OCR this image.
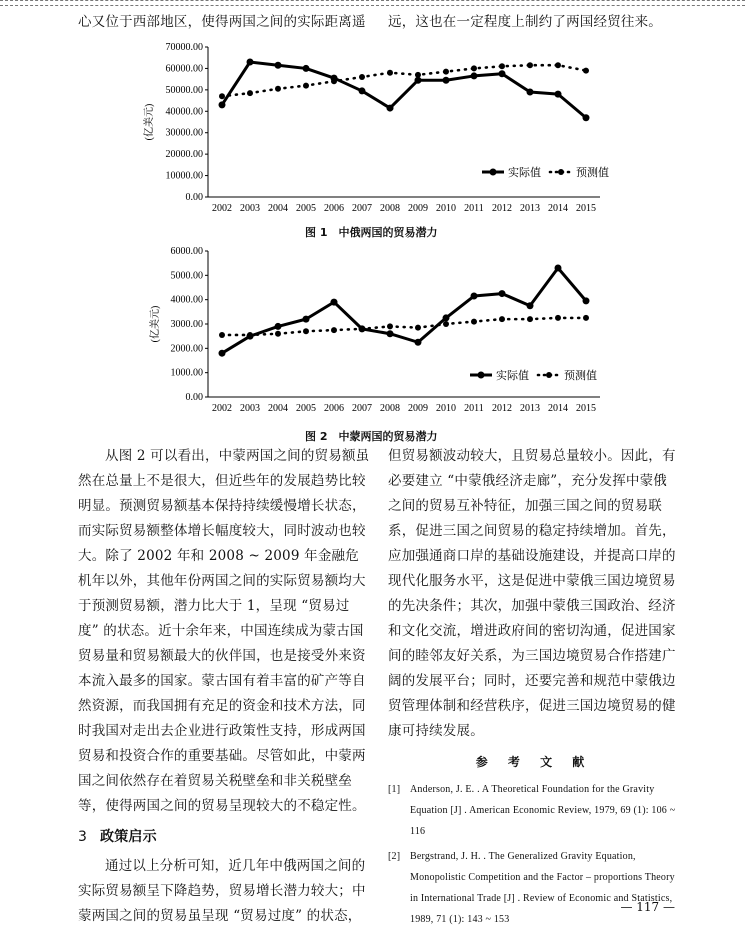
心又位于西部地区，使得两国之间的实际距离遥	远，这也在一定程度上制约了两国经贸往来。
0.00
10000.00
20000.00
30000.00
40000.00
50000.00
60000.00
70000.00
2002 2003 2004 2005 2006 2007 2008 2009 2010 2011 2012 2013 2014 2015
(亿美元)
实际值	预测值
图 1　中俄两国的贸易潜力
0.00
1000.00
2000.00
3000.00
4000.00
5000.00
6000.00
2002 2003 2004 2005 2006 2007 2008 2009 2010 2011 2012 2013 2014 2015
(亿美元)
实际值	预测值
图 2　中蒙两国的贸易潜力

从图 2 可以看出，中蒙两国之间的贸易额虽然在总量上不是很大，但近些年的发展趋势比较明显。预测贸易额基本保持持续缓慢增长状态，而实际贸易额整体增长幅度较大，同时波动也较大。除了 2002 年和 2008 ~ 2009 年金融危机年以外，其他年份两国之间的实际贸易额均大于预测贸易额，潜力比大于 1，呈现 “贸易过度” 的状态。近十余年来，中国连续成为蒙古国贸易量和贸易额最大的伙伴国，也是接受外来资本流入最多的国家。蒙古国有着丰富的矿产等自然资源，而我国拥有充足的资金和技术方法，同时我国对走出去企业进行政策性支持，形成两国贸易和投资合作的重要基础。尽管如此，中蒙两国之间依然存在着贸易关税壁垒和非关税壁垒等，使得两国之间的贸易呈现较大的不稳定性。

3 政策启示

通过以上分析可知，近几年中俄两国之间的实际贸易额呈下降趋势，贸易增长潜力较大；中蒙两国之间的贸易虽呈现 “贸易过度” 的状态，

但贸易额波动较大，且贸易总量较小。因此，有必要建立 “中蒙俄经济走廊”，充分发挥中蒙俄之间的贸易互补特征，加强三国之间的贸易联系，促进三国之间贸易的稳定持续增加。首先，应加强通商口岸的基础设施建设，并提高口岸的现代化服务水平，这是促进中蒙俄三国边境贸易的先决条件；其次，加强中蒙俄三国政治、经济和文化交流，增进政府间的密切沟通，促进国家间的睦邻友好关系，为三国边境贸易合作搭建广阔的发展平台；同时，还要完善和规范中蒙俄边贸管理体制和经营秩序，促进三国边境贸易的健康可持续发展。

参 考 文 献
[1] Anderson, J. E. . A Theoretical Foundation for the Gravity Equation [J] . American Economic Review, 1979, 69 (1): 106 ~ 116
[2] Bergstrand, J. H. . The Generalized Gravity Equation, Monopolistic Competition and the Factor – proportions Theory in International Trade [J] . Review of Economic and Statistics, 1989, 71 (1): 143 ~ 153
— 117 —
